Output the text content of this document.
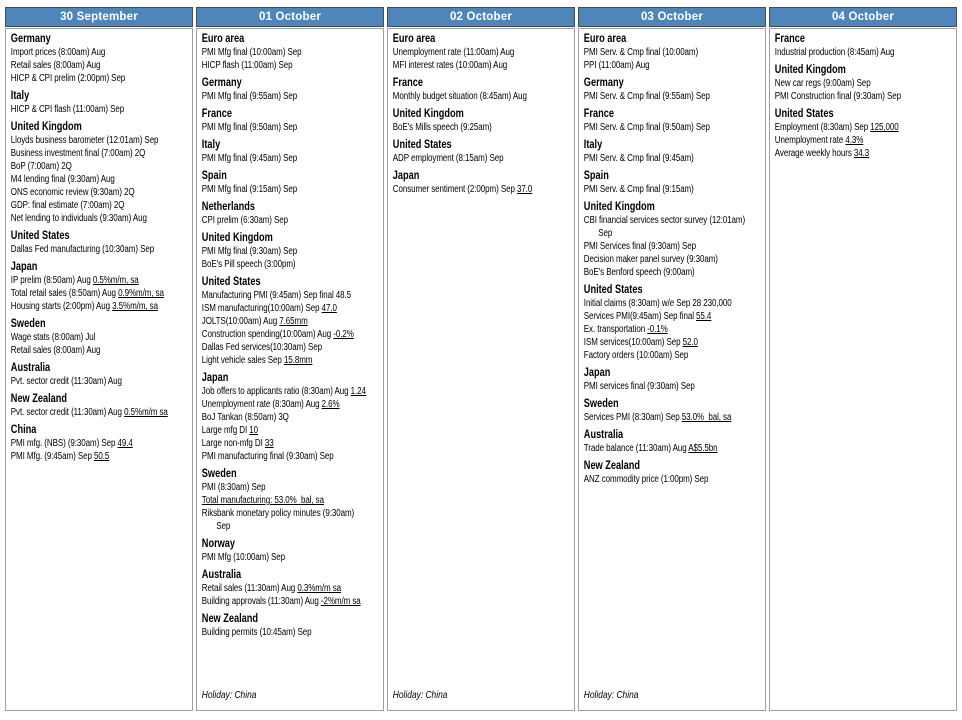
30 September
Germany
Import prices (8:00am) Aug
Retail sales (8:00am) Aug
HICP & CPI prelim (2:00pm) Sep
Italy
HICP & CPI flash (11:00am) Sep
United Kingdom
Lloyds business barometer (12:01am) Sep
Business investment final (7:00am) 2Q
BoP (7:00am) 2Q
M4 lending final (9:30am) Aug
ONS economic review (9:30am) 2Q
GDP: final estimate (7:00am) 2Q
Net lending to individuals (9:30am) Aug
United States
Dallas Fed manufacturing (10:30am) Sep
Japan
IP prelim (8:50am) Aug 0.5%m/m, sa
Total retail sales (8:50am) Aug 0.9%m/m, sa
Housing starts (2:00pm) Aug 3.5%m/m, sa
Sweden
Wage stats (8:00am) Jul
Retail sales (8:00am) Aug
Australia
Pvt. sector credit (11:30am) Aug
New Zealand
Pvt. sector credit (11:30am) Aug 0.5%m/m sa
China
PMI mfg. (NBS) (9:30am) Sep 49.4
PMI Mfg. (9:45am) Sep 50.5
01 October
Euro area
PMI Mfg final (10:00am) Sep
HICP flash (11:00am) Sep
Germany
PMI Mfg final (9:55am) Sep
France
PMI Mfg final (9:50am) Sep
Italy
PMI Mfg final (9:45am) Sep
Spain
PMI Mfg final (9:15am) Sep
Netherlands
CPI prelim (6:30am) Sep
United Kingdom
PMI Mfg final (9:30am) Sep
BoE's Pill speech (3:00pm)
United States
Manufacturing PMI (9:45am) Sep final 48.5
ISM manufacturing(10:00am) Sep 47.0
JOLTS(10:00am) Aug 7.65mm
Construction spending(10:00am) Aug -0.2%
Dallas Fed services(10:30am) Sep
Light vehicle sales Sep 15.8mm
Japan
Job offers to applicants ratio (8:30am) Aug 1.24
Unemployment rate (8:30am) Aug 2.6%
BoJ Tankan (8:50am) 3Q
Large mfg DI 10
Large non-mfg DI 33
PMI manufacturing final (9:30am) Sep
Sweden
PMI (8:30am) Sep
Total manufacturing: 53.0%  bal, sa
Riksbank monetary policy minutes (9:30am)
Sep
Norway
PMI Mfg (10:00am) Sep
Australia
Retail sales (11:30am) Aug 0.3%m/m sa
Building approvals (11:30am) Aug -2%m/m sa
New Zealand
Building permits (10:45am) Sep
Holiday: China
02 October
Euro area
Unemployment rate (11:00am) Aug
MFI interest rates (10:00am) Aug
France
Monthly budget situation (8:45am) Aug
United Kingdom
BoE's Mills speech (9:25am)
United States
ADP employment (8:15am) Sep
Japan
Consumer sentiment (2:00pm) Sep 37.0
Holiday: China
03 October
Euro area
PMI Serv. & Cmp final (10:00am)
PPI (11:00am) Aug
Germany
PMI Serv. & Cmp final (9:55am) Sep
France
PMI Serv. & Cmp final (9:50am) Sep
Italy
PMI Serv. & Cmp final (9:45am)
Spain
PMI Serv. & Cmp final (9:15am)
United Kingdom
CBI financial services sector survey (12:01am)
Sep
PMI Services final (9:30am) Sep
Decision maker panel survey (9:30am)
BoE's Benford speech (9:00am)
United States
Initial claims (8:30am) w/e Sep 28 230,000
Services PMI(9:45am) Sep final 55.4
Ex. transportation -0.1%
ISM services(10:00am) Sep 52.0
Factory orders (10:00am) Sep
Japan
PMI services final (9:30am) Sep
Sweden
Services PMI (8:30am) Sep 53.0%  bal, sa
Australia
Trade balance (11:30am) Aug A$5.5bn
New Zealand
ANZ commodity price (1:00pm) Sep
Holiday: China
04 October
France
Industrial production (8:45am) Aug
United Kingdom
New car regs (9:00am) Sep
PMI Construction final (9:30am) Sep
United States
Employment (8:30am) Sep 125,000
Unemployment rate 4.3%
Average weekly hours 34.3
